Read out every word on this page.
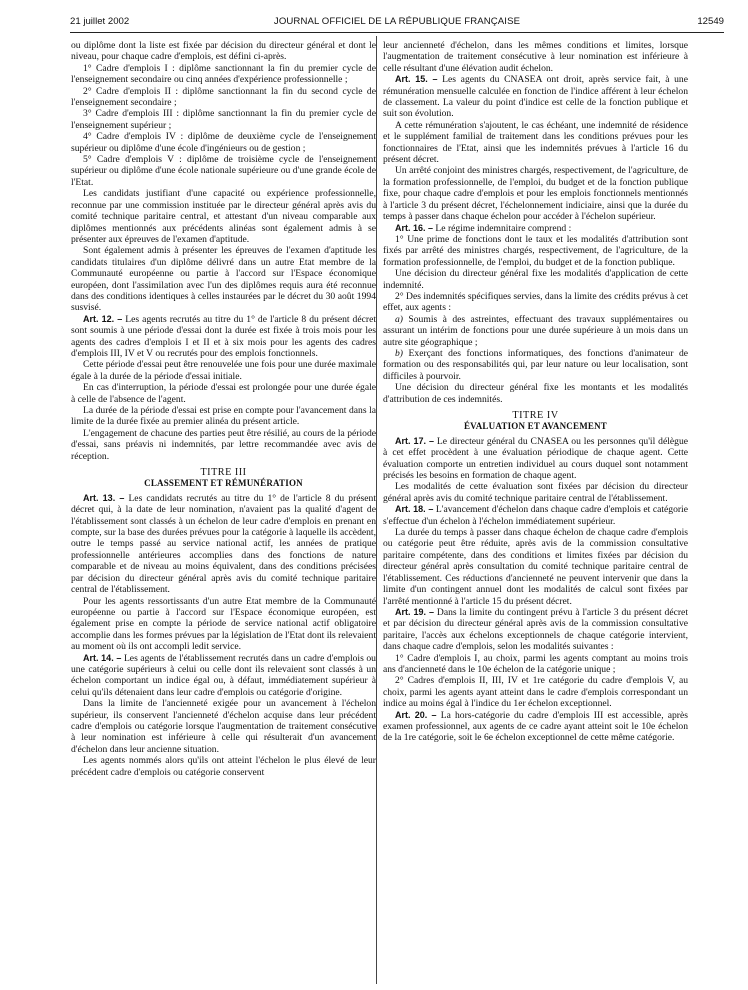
21 juillet 2002	JOURNAL OFFICIEL DE LA RÉPUBLIQUE FRANÇAISE	12549

ou diplôme dont la liste est fixée par décision du directeur général et dont le niveau, pour chaque cadre d'emplois, est défini ci-après.

1° Cadre d'emplois I : diplôme sanctionnant la fin du premier cycle de l'enseignement secondaire ou cinq années d'expérience professionnelle ;

2° Cadre d'emplois II : diplôme sanctionnant la fin du second cycle de l'enseignement secondaire ;

3° Cadre d'emplois III : diplôme sanctionnant la fin du premier cycle de l'enseignement supérieur ;

4° Cadre d'emplois IV : diplôme de deuxième cycle de l'enseignement supérieur ou diplôme d'une école d'ingénieurs ou de gestion ;

5° Cadre d'emplois V : diplôme de troisième cycle de l'enseignement supérieur ou diplôme d'une école nationale supérieure ou d'une grande école de l'Etat.

Les candidats justifiant d'une capacité ou expérience professionnelle, reconnue par une commission instituée par le directeur général après avis du comité technique paritaire central, et attestant d'un niveau comparable aux diplômes mentionnés aux précédents alinéas sont également admis à se présenter aux épreuves de l'examen d'aptitude.

Sont également admis à présenter les épreuves de l'examen d'aptitude les candidats titulaires d'un diplôme délivré dans un autre Etat membre de la Communauté européenne ou partie à l'accord sur l'Espace économique européen, dont l'assimilation avec l'un des diplômes requis aura été reconnue dans des conditions identiques à celles instaurées par le décret du 30 août 1994 susvisé.

Art. 12. – Les agents recrutés au titre du 1° de l'article 8 du présent décret sont soumis à une période d'essai dont la durée est fixée à trois mois pour les agents des cadres d'emplois I et II et à six mois pour les agents des cadres d'emplois III, IV et V ou recrutés pour des emplois fonctionnels.

Cette période d'essai peut être renouvelée une fois pour une durée maximale égale à la durée de la période d'essai initiale.

En cas d'interruption, la période d'essai est prolongée pour une durée égale à celle de l'absence de l'agent.

La durée de la période d'essai est prise en compte pour l'avancement dans la limite de la durée fixée au premier alinéa du présent article.

L'engagement de chacune des parties peut être résilié, au cours de la période d'essai, sans préavis ni indemnités, par lettre recommandée avec avis de réception.

TITRE III

CLASSEMENT ET RÉMUNÉRATION

Art. 13. – Les candidats recrutés au titre du 1° de l'article 8 du présent décret qui, à la date de leur nomination, n'avaient pas la qualité d'agent de l'établissement sont classés à un échelon de leur cadre d'emplois en prenant en compte, sur la base des durées prévues pour la catégorie à laquelle ils accèdent, outre le temps passé au service national actif, les années de pratique professionnelle antérieures accomplies dans des fonctions de nature comparable et de niveau au moins équivalent, dans des conditions précisées par décision du directeur général après avis du comité technique paritaire central de l'établissement.

Pour les agents ressortissants d'un autre Etat membre de la Communauté européenne ou partie à l'accord sur l'Espace économique européen, est également prise en compte la période de service national actif obligatoire accomplie dans les formes prévues par la législation de l'Etat dont ils relevaient au moment où ils ont accompli ledit service.

Art. 14. – Les agents de l'établissement recrutés dans un cadre d'emplois ou une catégorie supérieurs à celui ou celle dont ils relevaient sont classés à un échelon comportant un indice égal ou, à défaut, immédiatement supérieur à celui qu'ils détenaient dans leur cadre d'emplois ou catégorie d'origine.

Dans la limite de l'ancienneté exigée pour un avancement à l'échelon supérieur, ils conservent l'ancienneté d'échelon acquise dans leur précédent cadre d'emplois ou catégorie lorsque l'augmentation de traitement consécutive à leur nomination est inférieure à celle qui résulterait d'un avancement d'échelon dans leur ancienne situation.

Les agents nommés alors qu'ils ont atteint l'échelon le plus élevé de leur précédent cadre d'emplois ou catégorie conservent

leur ancienneté d'échelon, dans les mêmes conditions et limites, lorsque l'augmentation de traitement consécutive à leur nomination est inférieure à celle résultant d'une élévation audit échelon.

Art. 15. – Les agents du CNASEA ont droit, après service fait, à une rémunération mensuelle calculée en fonction de l'indice afférent à leur échelon de classement. La valeur du point d'indice est celle de la fonction publique et suit son évolution.

A cette rémunération s'ajoutent, le cas échéant, une indemnité de résidence et le supplément familial de traitement dans les conditions prévues pour les fonctionnaires de l'Etat, ainsi que les indemnités prévues à l'article 16 du présent décret.

Un arrêté conjoint des ministres chargés, respectivement, de l'agriculture, de la formation professionnelle, de l'emploi, du budget et de la fonction publique fixe, pour chaque cadre d'emplois et pour les emplois fonctionnels mentionnés à l'article 3 du présent décret, l'échelonnement indiciaire, ainsi que la durée du temps à passer dans chaque échelon pour accéder à l'échelon supérieur.

Art. 16. – Le régime indemnitaire comprend :

1° Une prime de fonctions dont le taux et les modalités d'attribution sont fixés par arrêté des ministres chargés, respectivement, de l'agriculture, de la formation professionnelle, de l'emploi, du budget et de la fonction publique.

Une décision du directeur général fixe les modalités d'application de cette indemnité.

2° Des indemnités spécifiques servies, dans la limite des crédits prévus à cet effet, aux agents :

a) Soumis à des astreintes, effectuant des travaux supplémentaires ou assurant un intérim de fonctions pour une durée supérieure à un mois dans un autre site géographique ;

b) Exerçant des fonctions informatiques, des fonctions d'animateur de formation ou des responsabilités qui, par leur nature ou leur localisation, sont difficiles à pourvoir.

Une décision du directeur général fixe les montants et les modalités d'attribution de ces indemnités.

TITRE IV

ÉVALUATION ET AVANCEMENT

Art. 17. – Le directeur général du CNASEA ou les personnes qu'il délègue à cet effet procèdent à une évaluation périodique de chaque agent. Cette évaluation comporte un entretien individuel au cours duquel sont notamment précisés les besoins en formation de chaque agent.

Les modalités de cette évaluation sont fixées par décision du directeur général après avis du comité technique paritaire central de l'établissement.

Art. 18. – L'avancement d'échelon dans chaque cadre d'emplois et catégorie s'effectue d'un échelon à l'échelon immédiatement supérieur.

La durée du temps à passer dans chaque échelon de chaque cadre d'emplois ou catégorie peut être réduite, après avis de la commission consultative paritaire compétente, dans des conditions et limites fixées par décision du directeur général après consultation du comité technique paritaire central de l'établissement. Ces réductions d'ancienneté ne peuvent intervenir que dans la limite d'un contingent annuel dont les modalités de calcul sont fixées par l'arrêté mentionné à l'article 15 du présent décret.

Art. 19. – Dans la limite du contingent prévu à l'article 3 du présent décret et par décision du directeur général après avis de la commission consultative paritaire, l'accès aux échelons exceptionnels de chaque catégorie intervient, dans chaque cadre d'emplois, selon les modalités suivantes :

1° Cadre d'emplois I, au choix, parmi les agents comptant au moins trois ans d'ancienneté dans le 10e échelon de la catégorie unique ;

2° Cadres d'emplois II, III, IV et 1re catégorie du cadre d'emplois V, au choix, parmi les agents ayant atteint dans le cadre d'emplois correspondant un indice au moins égal à l'indice du 1er échelon exceptionnel.

Art. 20. – La hors-catégorie du cadre d'emplois III est accessible, après examen professionnel, aux agents de ce cadre ayant atteint soit le 10e échelon de la 1re catégorie, soit le 6e échelon exceptionnel de cette même catégorie.
